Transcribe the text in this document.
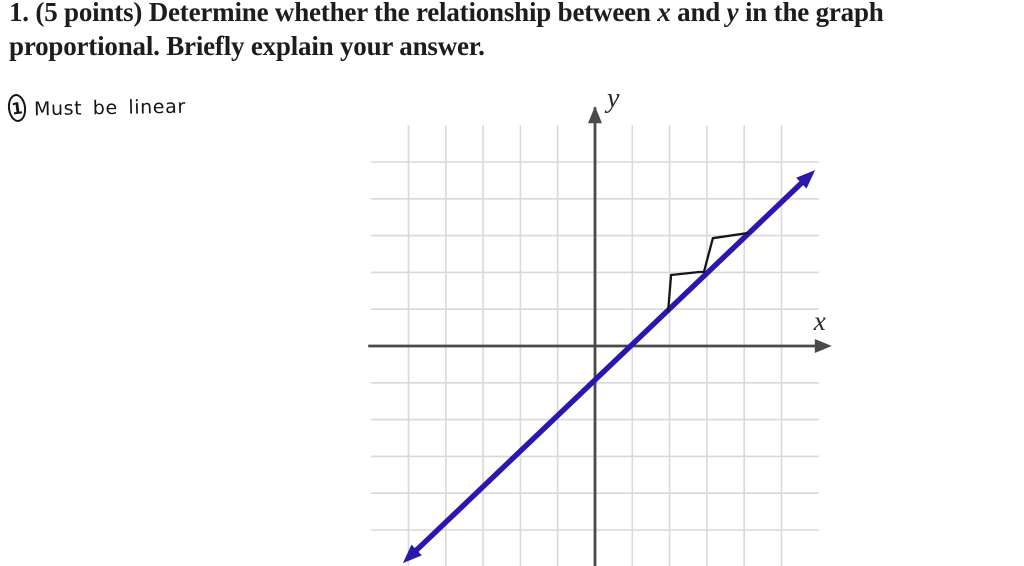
1. (5 points) Determine whether the relationship between x and y in the graph
proportional. Briefly explain your answer.
1 Must be linear
x
y
